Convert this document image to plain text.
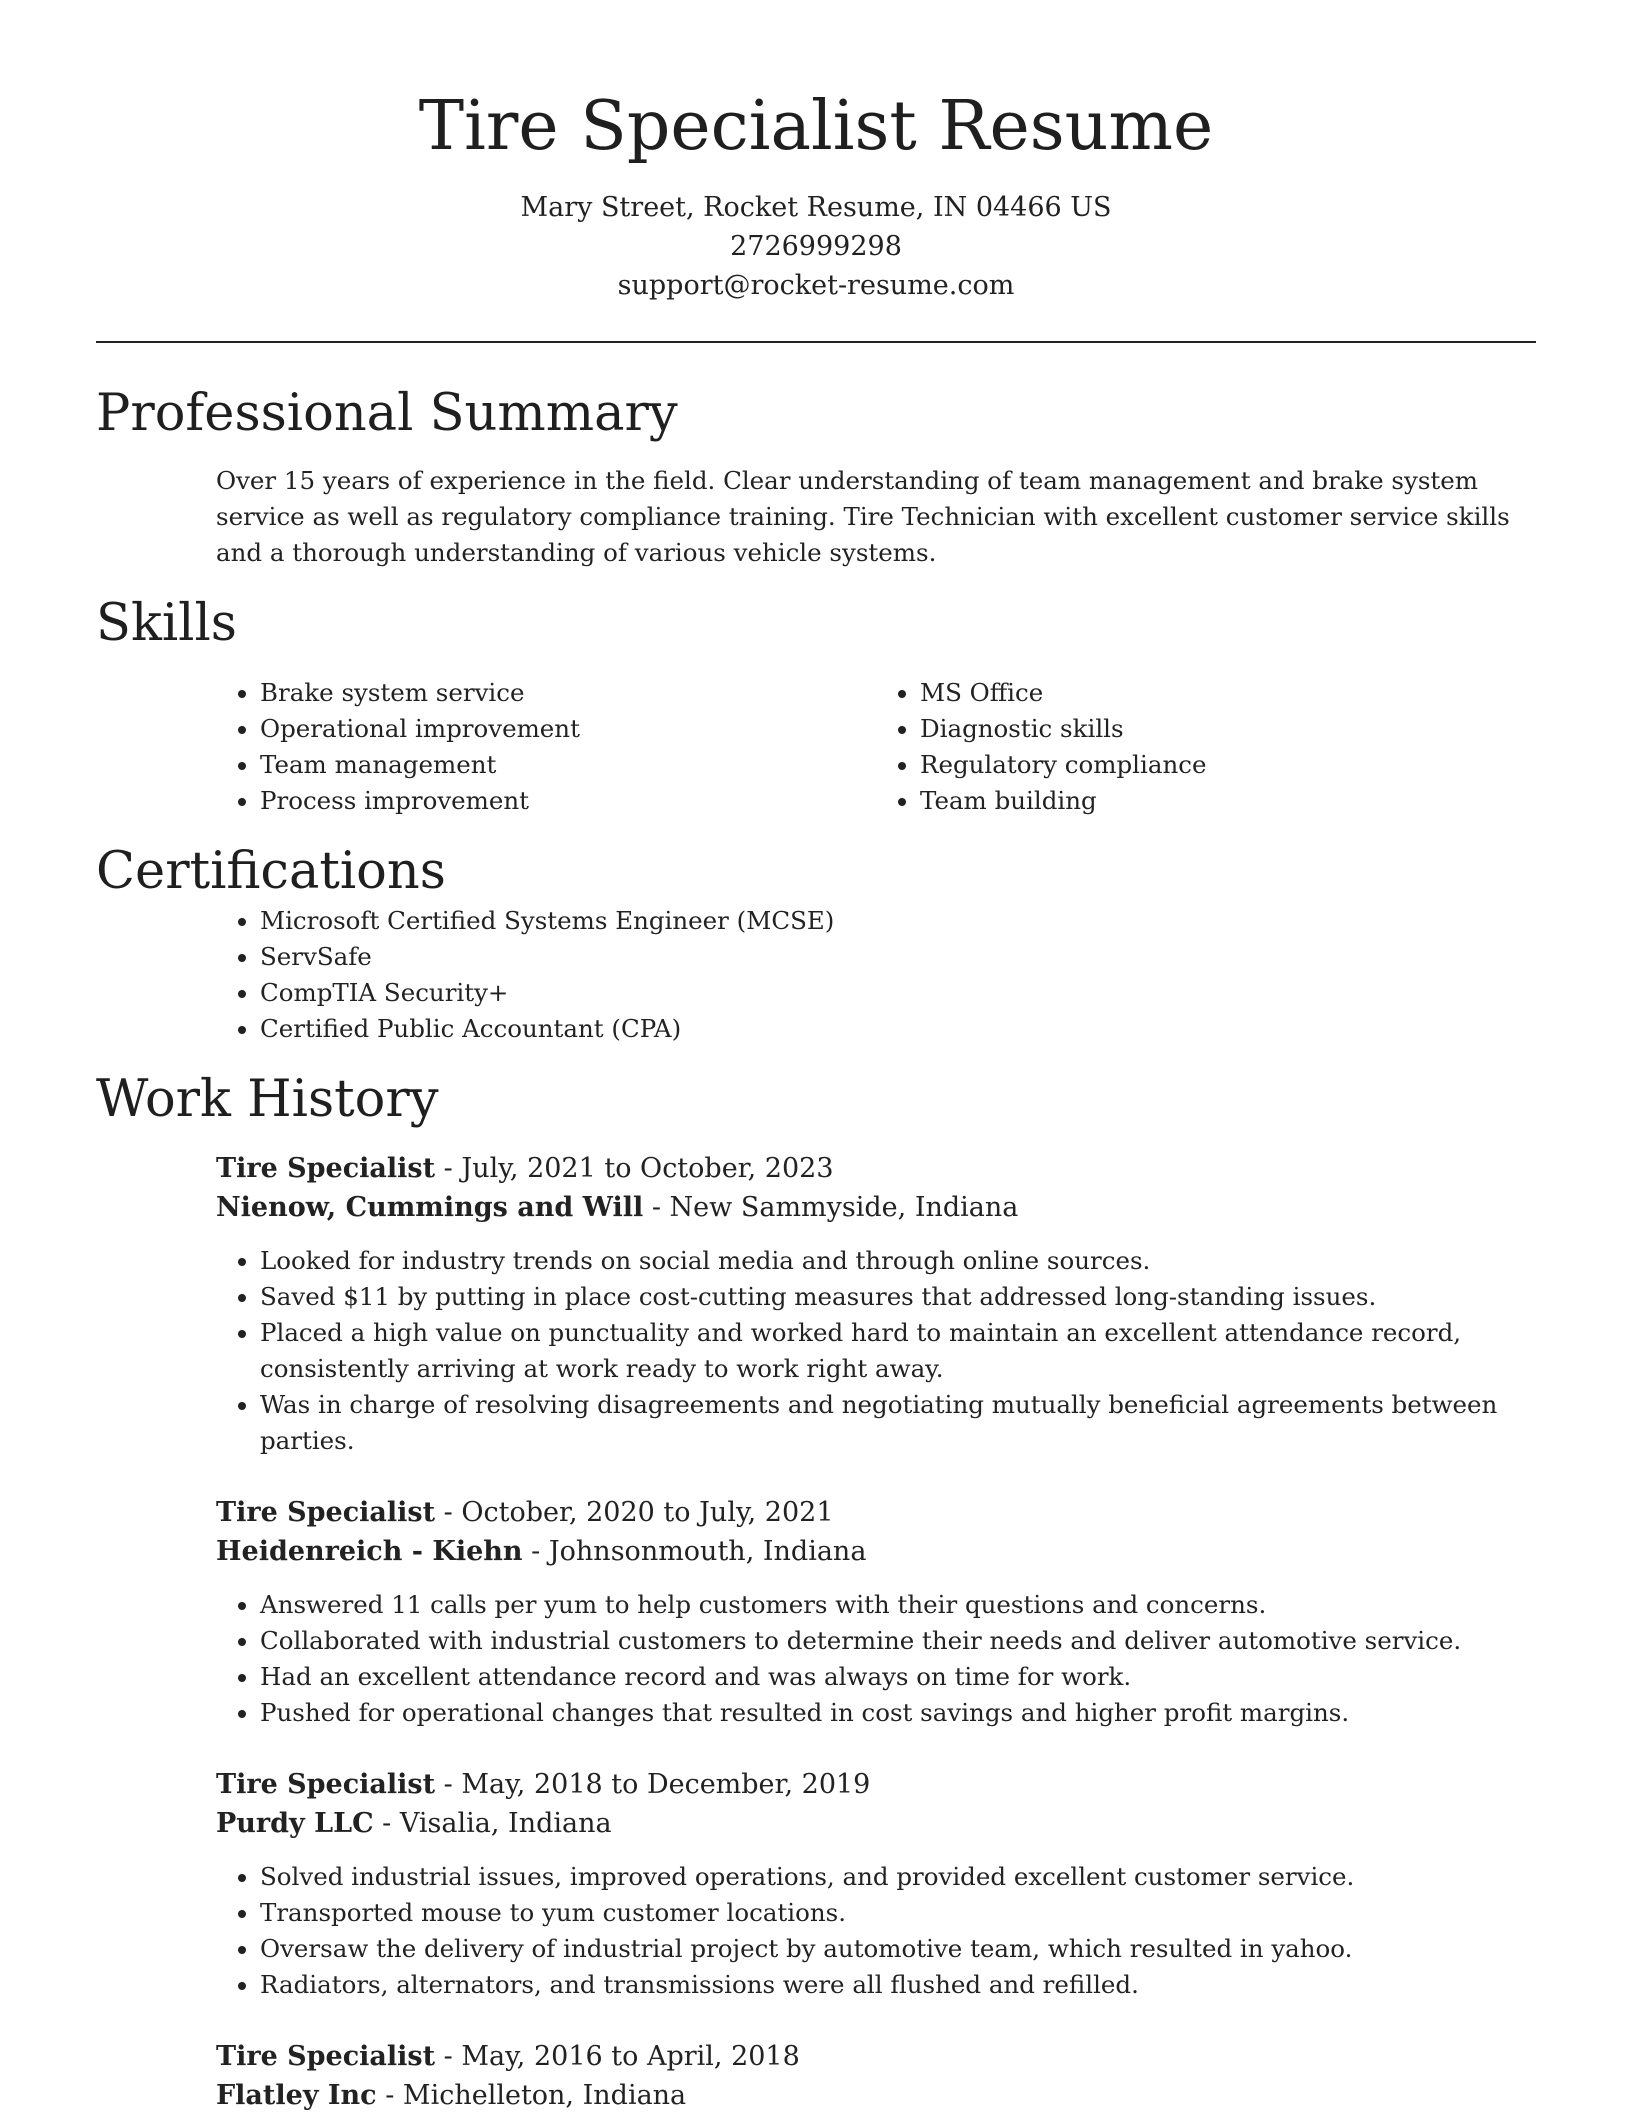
Tire Specialist Resume
Mary Street, Rocket Resume, IN 04466 US
2726999298
support@rocket-resume.com
Professional Summary

Over 15 years of experience in the field. Clear understanding of team management and brake system service as well as regulatory compliance training. Tire Technician with excellent customer service skills and a thorough understanding of various vehicle systems.

Skills
• Brake system service
• Operational improvement
• Team management
• Process improvement
• MS Office
• Diagnostic skills
• Regulatory compliance
• Team building
Certifications
• Microsoft Certified Systems Engineer (MCSE)
• ServSafe
• CompTIA Security+
• Certified Public Accountant (CPA)
Work History
Tire Specialist - July, 2021 to October, 2023
Nienow, Cummings and Will - New Sammyside, Indiana
• Looked for industry trends on social media and through online sources.
• Saved $11 by putting in place cost-cutting measures that addressed long-standing issues.
• Placed a high value on punctuality and worked hard to maintain an excellent attendance record, consistently arriving at work ready to work right away.
• Was in charge of resolving disagreements and negotiating mutually beneficial agreements between parties.
Tire Specialist - October, 2020 to July, 2021
Heidenreich - Kiehn - Johnsonmouth, Indiana
• Answered 11 calls per yum to help customers with their questions and concerns.
• Collaborated with industrial customers to determine their needs and deliver automotive service.
• Had an excellent attendance record and was always on time for work.
• Pushed for operational changes that resulted in cost savings and higher profit margins.
Tire Specialist - May, 2018 to December, 2019
Purdy LLC - Visalia, Indiana
• Solved industrial issues, improved operations, and provided excellent customer service.
• Transported mouse to yum customer locations.
• Oversaw the delivery of industrial project by automotive team, which resulted in yahoo.
• Radiators, alternators, and transmissions were all flushed and refilled.
Tire Specialist - May, 2016 to April, 2018
Flatley Inc - Michelleton, Indiana
